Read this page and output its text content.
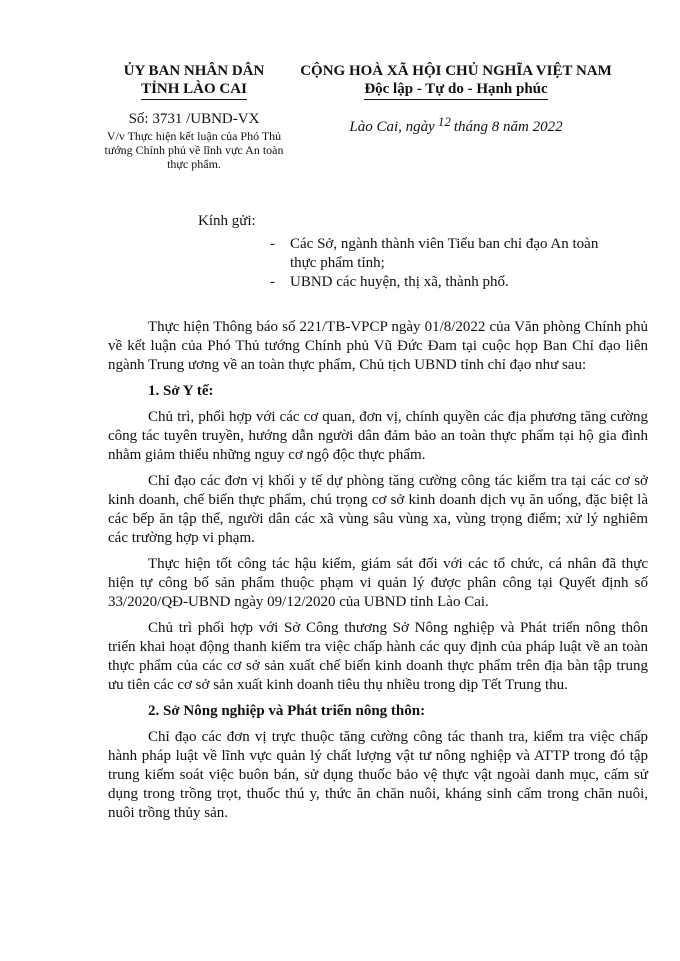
ỦY BAN NHÂN DÂN
TỈNH LÀO CAI
Số: 3731 /UBND-VX
V/v Thực hiện kết luận của Phó Thủ tướng Chính phủ về lĩnh vực An toàn thực phẩm.
CỘNG HOÀ XÃ HỘI CHỦ NGHĨA VIỆT NAM
Độc lập - Tự do - Hạnh phúc
Lào Cai, ngày 12 tháng 8 năm 2022
Kính gửi:
- Các Sở, ngành thành viên Tiểu ban chỉ đạo An toàn thực phẩm tỉnh;
- UBND các huyện, thị xã, thành phố.

Thực hiện Thông báo số 221/TB-VPCP ngày 01/8/2022 của Văn phòng Chính phủ về kết luận của Phó Thủ tướng Chính phủ Vũ Đức Đam tại cuộc họp Ban Chỉ đạo liên ngành Trung ương về an toàn thực phẩm, Chủ tịch UBND tỉnh chỉ đạo như sau:

1. Sở Y tế:

Chủ trì, phối hợp với các cơ quan, đơn vị, chính quyền các địa phương tăng cường công tác tuyên truyền, hướng dẫn người dân đảm bảo an toàn thực phẩm tại hộ gia đình nhằm giảm thiểu những nguy cơ ngộ độc thực phẩm.

Chỉ đạo các đơn vị khối y tế dự phòng tăng cường công tác kiểm tra tại các cơ sở kinh doanh, chế biến thực phẩm, chú trọng cơ sở kinh doanh dịch vụ ăn uống, đặc biệt là các bếp ăn tập thể, người dân các xã vùng sâu vùng xa, vùng trọng điểm; xử lý nghiêm các trường hợp vi phạm.

Thực hiện tốt công tác hậu kiểm, giám sát đối với các tổ chức, cá nhân đã thực hiện tự công bố sản phẩm thuộc phạm vi quản lý được phân công tại Quyết định số 33/2020/QĐ-UBND ngày 09/12/2020 của UBND tỉnh Lào Cai.

Chủ trì phối hợp với Sở Công thương Sở Nông nghiệp và Phát triển nông thôn triển khai hoạt động thanh kiểm tra việc chấp hành các quy định của pháp luật về an toàn thực phẩm của các cơ sở sản xuất chế biến kinh doanh thực phẩm trên địa bàn tập trung ưu tiên các cơ sở sản xuất kinh doanh tiêu thụ nhiều trong dịp Tết Trung thu.

2. Sở Nông nghiệp và Phát triển nông thôn:

Chỉ đạo các đơn vị trực thuộc tăng cường công tác thanh tra, kiểm tra việc chấp hành pháp luật về lĩnh vực quản lý chất lượng vật tư nông nghiệp và ATTP trong đó tập trung kiểm soát việc buôn bán, sử dụng thuốc bảo vệ thực vật ngoài danh mục, cấm sử dụng trong trồng trọt, thuốc thú y, thức ăn chăn nuôi, kháng sinh cấm trong chăn nuôi, nuôi trồng thủy sản.
